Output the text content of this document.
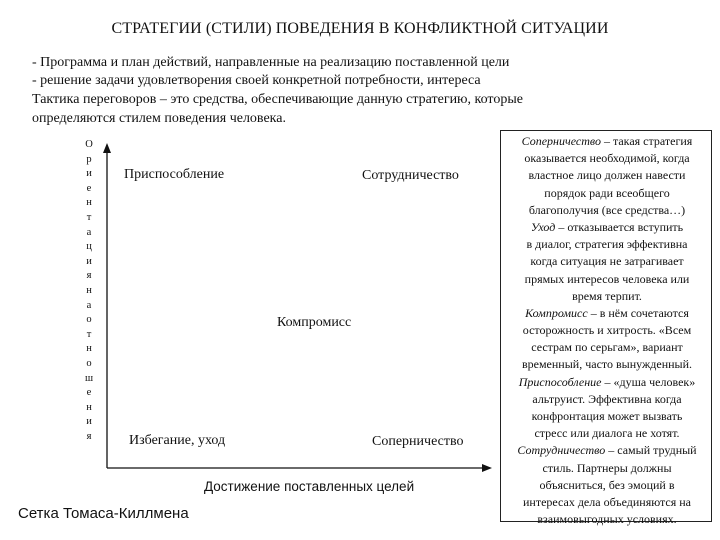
СТРАТЕГИИ (СТИЛИ) ПОВЕДЕНИЯ В КОНФЛИКТНОЙ СИТУАЦИИ
- Программа и план действий, направленные на реализацию поставленной цели
- решение задачи удовлетворения своей конкретной потребности, интереса
Тактика переговоров – это средства, обеспечивающие данную стратегию, которые
определяются стилем поведения человека.
О
р
и
е
н
т
а
ц
и
я
н
а
о
т
н
о
ш
е
н
и
я
Приспособление	Сотрудничество
Компромисс
Избегание, уход	Соперничество
Достижение поставленных целей
Сетка Томаса-Киллмена
Соперничество – такая стратегия
оказывается необходимой, когда
властное лицо должен навести
порядок ради всеобщего
благополучия (все средства…)
Уход – отказывается вступить
в диалог, стратегия эффективна
когда ситуация не затрагивает
прямых интересов человека или
время терпит.
Компромисс – в нём сочетаются
осторожность и хитрость. «Всем
сестрам по серьгам», вариант
временный, часто вынужденный.
Приспособление – «душа человек»
альтруист. Эффективна когда
конфронтация может вызвать
стресс или диалога не хотят.
Сотрудничество – самый трудный
стиль. Партнеры должны
объясниться, без эмоций в
интересах дела объединяются на
взаимовыгодных условиях.
